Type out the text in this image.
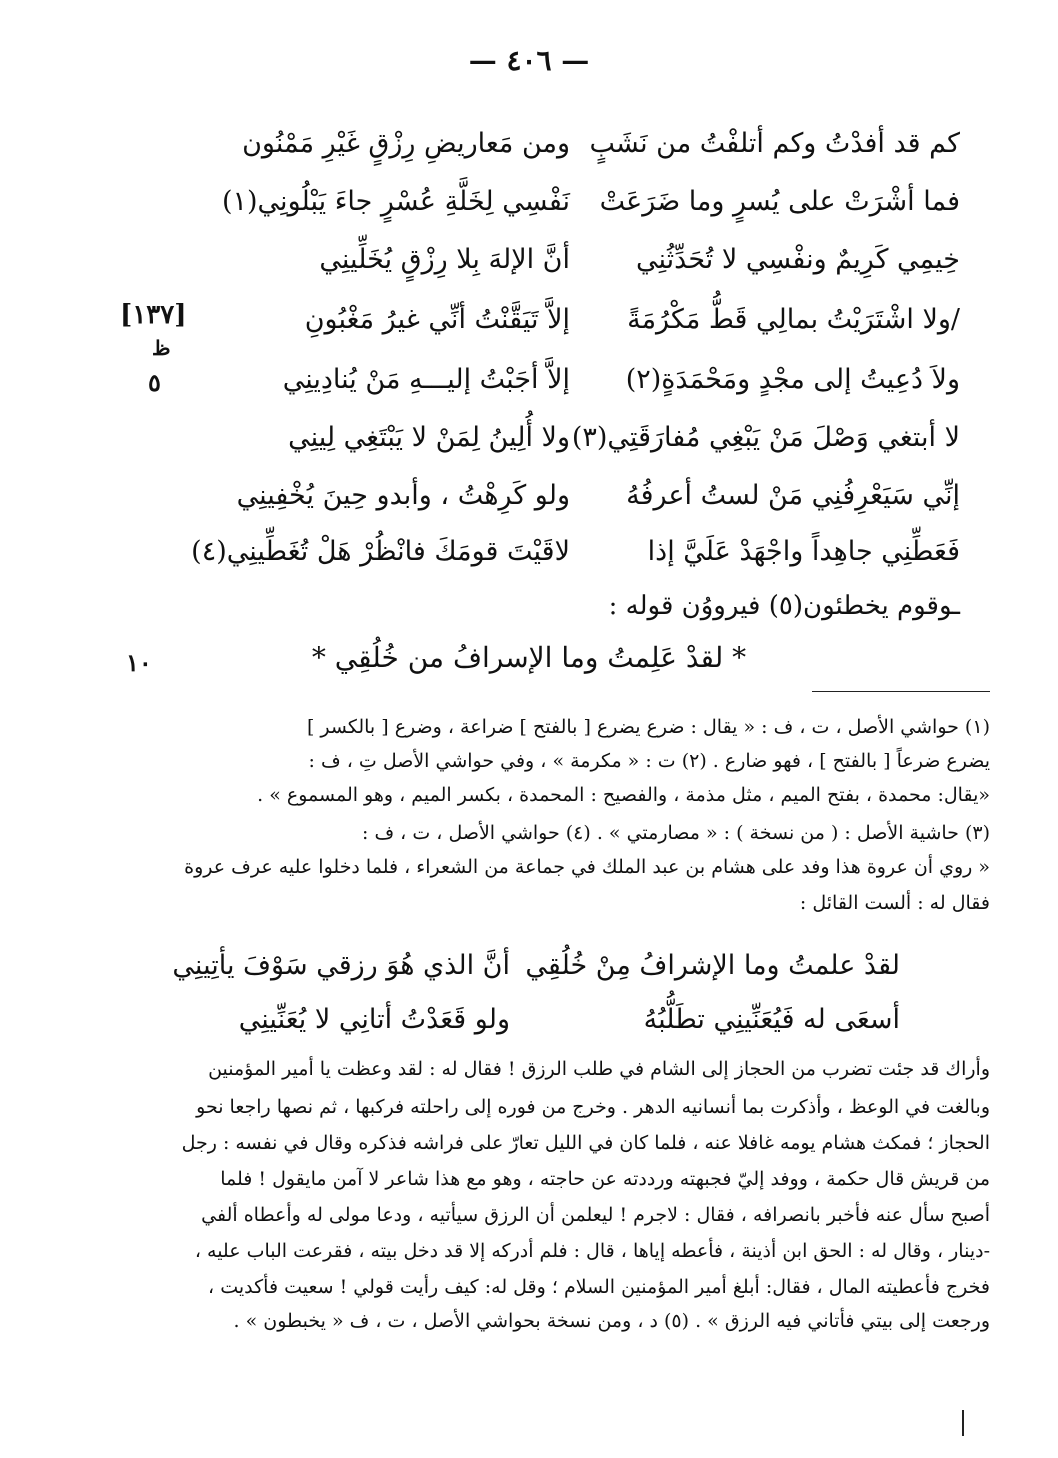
— ٤٠٦ —
كم قد أفدْتُ وكم أتلفْتُ من نَشَبٍ
ومن مَعاريضِ رِزْقٍ غَيْرِ مَمْنُون
فما أشْرَتْ على يُسرٍ وما ضَرَعَتْ
نَفْسِي لِخَلَّةِ عُسْرٍ جاءَ يَبْلُونِي(١)
خِيمِي كَرِيمٌ ونفْسِي لا تُحَدِّثُنِي
أنَّ الإلهَ بِلا رِزْقٍ يُخَلِّينِي
/ولا اشْتَرَيْتُ بمالِي قَطُّ مَكْرُمَةً
إلاَّ تَيَقَّنْتُ أنِّي غيرُ مَغْبُونِ
ولاَ دُعِيتُ إلى مجْدٍ ومَحْمَدَةٍ(٢)
إلاَّ أجَبْتُ إليـــهِ مَنْ يُنادِينِي
لا أبتغي وَصْلَ مَنْ يَبْغِي مُفارَقَتِي(٣)
ولا أُلِينُ لِمَنْ لا يَبْتَغِي لِينِي
إنِّي سَيَعْرِفُنِي مَنْ لستُ أعرفُهُ
ولو كَرِهْتُ ، وأبدو حِينَ يُخْفِينِي
فَعَطِّنِي جاهِداً واجْهَدْ عَلَيَّ إذا
لاقَيْتَ قومَكَ فانْظُرْ هَلْ تُغَطِّينِي(٤)
ـوقوم يخطئون(٥) فيرووُن قوله :
* لقدْ عَلِمتُ وما الإسرافُ من خُلُقِي *
[١٣٧]
ظ
٥
١٠
(١) حواشي الأصل ، ت ، ف : « يقال : ضرع يضرع [ بالفتح ] ضراعة ، وضرع [ بالكسر ]
يضرع ضرعاً [ بالفتح ] ، فهو ضارع . (٢) ت : « مكرمة » ، وفي حواشي الأصل تِ ، ف :
«يقال: محمدة ، بفتح الميم ، مثل مذمة ، والفصيح : المحمدة ، بكسر الميم ، وهو المسموع » .
(٣) حاشية الأصل : ( من نسخة ) : « مصارمتي » . (٤) حواشي الأصل ، ت ، ف :
« روي أن عروة هذا وفد على هشام بن عبد الملك في جماعة من الشعراء ، فلما دخلوا عليه عرف عروة
فقال له : ألست القائل :
لقدْ علمتُ وما الإشرافُ مِنْ خُلُقِي
أنَّ الذي هُوَ رزقي سَوْفَ يأتِينِي
أسعَى له فَيُعَنِّينِي تطَلُّبُهُ
ولو قَعَدْتُ أتانِي لا يُعَنِّينِي
وأراك قد جئت تضرب من الحجاز إلى الشام في طلب الرزق ! فقال له : لقد وعظت يا أمير المؤمنين
وبالغت في الوعظ ، وأذكرت بما أنسانيه الدهر . وخرج من فوره إلى راحلته فركبها ، ثم نصها راجعا نحو
الحجاز ؛ فمكث هشام يومه غافلا عنه ، فلما كان في الليل تعارّ على فراشه فذكره وقال في نفسه : رجل
من قريش قال حكمة ، ووفد إليّ فجبهته ورددته عن حاجته ، وهو مع هذا شاعر لا آمن مايقول ! فلما
أصبح سأل عنه فأخبر بانصرافه ، فقال : لاجرم ! ليعلمن أن الرزق سيأتيه ، ودعا مولى له وأعطاه ألفي
-دينار ، وقال له : الحق ابن أذينة ، فأعطه إياها ، قال : فلم أدركه إلا قد دخل بيته ، فقرعت الباب عليه ،
فخرج فأعطيته المال ، فقال: أبلغ أمير المؤمنين السلام ؛ وقل له: كيف رأيت قولي ! سعيت فأكديت ،
ورجعت إلى بيتي فأتاني فيه الرزق » . (٥) د ، ومن نسخة بحواشي الأصل ، ت ، ف « يخبطون » .
